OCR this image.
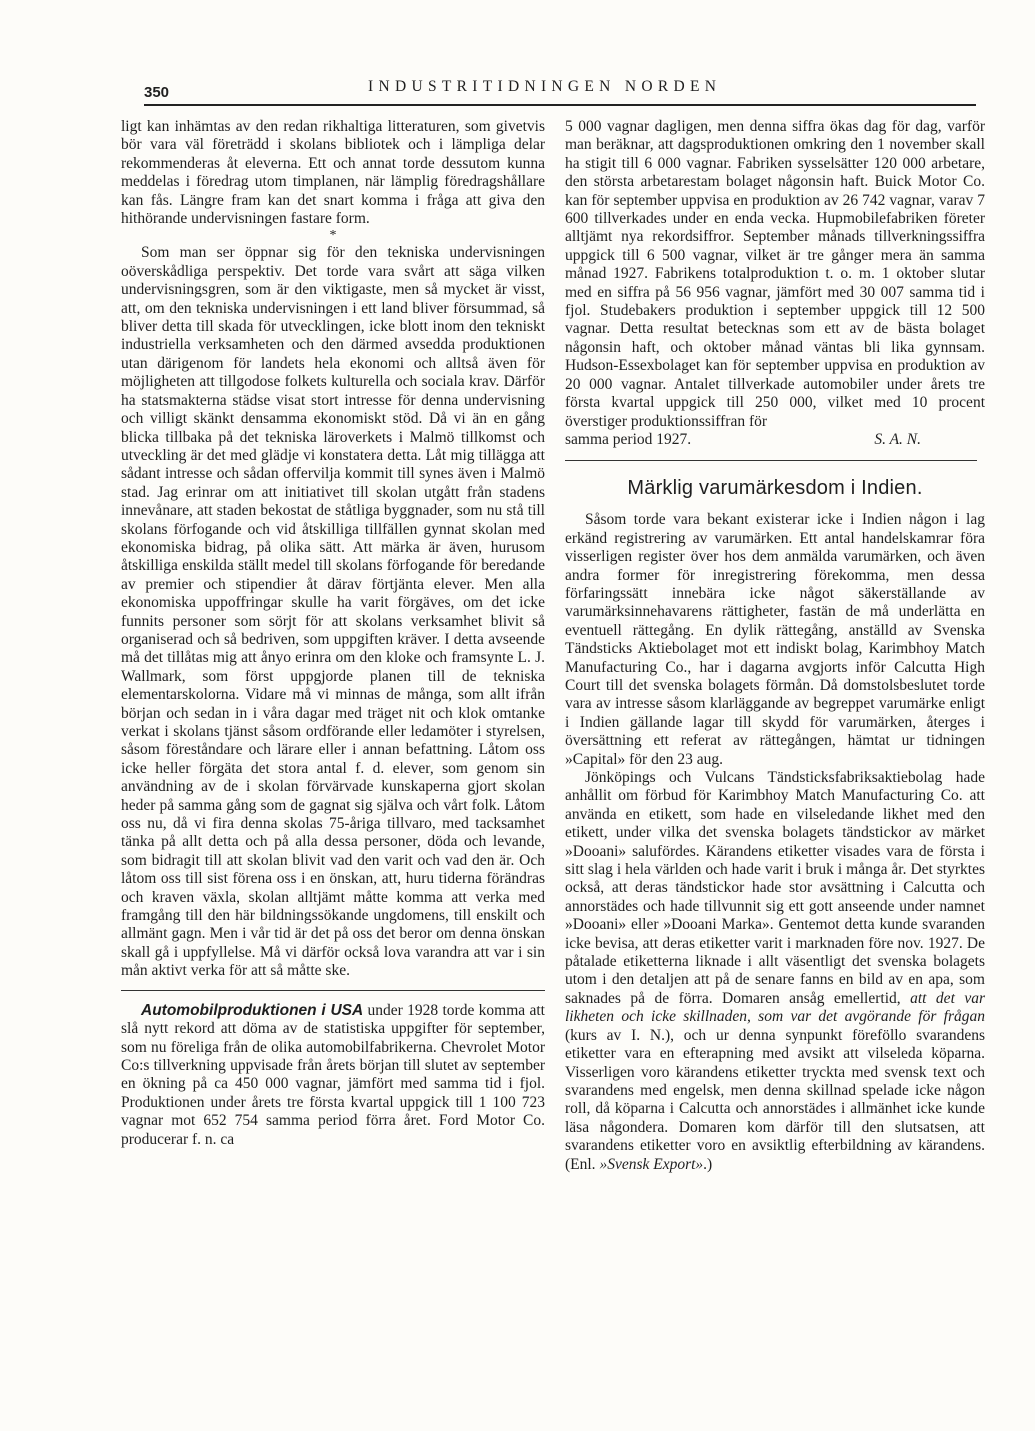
350	INDUSTRITIDNINGEN NORDEN

ligt kan inhämtas av den redan rikhaltiga litteraturen, som givetvis bör vara väl företrädd i skolans bibliotek och i lämpliga delar rekommenderas åt eleverna. Ett och annat torde dessutom kunna meddelas i föredrag utom timplanen, när lämplig föredragshållare kan fås. Längre fram kan det snart komma i fråga att giva den hithörande undervisningen fastare form.

*

Som man ser öppnar sig för den tekniska undervisningen oöverskådliga perspektiv. Det torde vara svårt att säga vilken undervisningsgren, som är den viktigaste, men så mycket är visst, att, om den tekniska undervisningen i ett land bliver försummad, så bliver detta till skada för utvecklingen, icke blott inom den tekniskt industriella verksamheten och den därmed avsedda produktionen utan därigenom för landets hela ekonomi och alltså även för möjligheten att tillgodose folkets kulturella och sociala krav. Därför ha statsmakterna städse visat stort intresse för denna undervisning och villigt skänkt densamma ekonomiskt stöd. Då vi än en gång blicka tillbaka på det tekniska läroverkets i Malmö tillkomst och utveckling är det med glädje vi konstatera detta. Låt mig tillägga att sådant intresse och sådan offervilja kommit till synes även i Malmö stad. Jag erinrar om att initiativet till skolan utgått från stadens innevånare, att staden bekostat de ståtliga byggnader, som nu stå till skolans förfogande och vid åtskilliga tillfällen gynnat skolan med ekonomiska bidrag, på olika sätt. Att märka är även, hurusom åtskilliga enskilda ställt medel till skolans förfogande för beredande av premier och stipendier åt därav förtjänta elever. Men alla ekonomiska uppoffringar skulle ha varit förgäves, om det icke funnits personer som sörjt för att skolans verksamhet blivit så organiserad och så bedriven, som uppgiften kräver. I detta avseende må det tillåtas mig att ånyo erinra om den kloke och framsynte L. J. Wallmark, som först uppgjorde planen till de tekniska elementarskolorna. Vidare må vi minnas de många, som allt ifrån början och sedan in i våra dagar med träget nit och klok omtanke verkat i skolans tjänst såsom ordförande eller ledamöter i styrelsen, såsom föreståndare och lärare eller i annan befattning. Låtom oss icke heller förgäta det stora antal f. d. elever, som genom sin användning av de i skolan förvärvade kunskaperna gjort skolan heder på samma gång som de gagnat sig själva och vårt folk. Låtom oss nu, då vi fira denna skolas 75-åriga tillvaro, med tacksamhet tänka på allt detta och på alla dessa personer, döda och levande, som bidragit till att skolan blivit vad den varit och vad den är. Och låtom oss till sist förena oss i en önskan, att, huru tiderna förändras och kraven växla, skolan alltjämt måtte komma att verka med framgång till den här bildningssökande ungdomens, till enskilt och allmänt gagn. Men i vår tid är det på oss det beror om denna önskan skall gå i uppfyllelse. Må vi därför också lova varandra att var i sin mån aktivt verka för att så måtte ske.

Automobilproduktionen i USA under 1928 torde komma att slå nytt rekord att döma av de statistiska uppgifter för september, som nu föreliga från de olika automobilfabrikerna. Chevrolet Motor Co:s tillverkning uppvisade från årets början till slutet av september en ökning på ca 450 000 vagnar, jämfört med samma tid i fjol. Produktionen under årets tre första kvartal uppgick till 1 100 723 vagnar mot 652 754 samma period förra året. Ford Motor Co. producerar f. n. ca

5 000 vagnar dagligen, men denna siffra ökas dag för dag, varför man beräknar, att dagsproduktionen omkring den 1 november skall ha stigit till 6 000 vagnar. Fabriken sysselsätter 120 000 arbetare, den största arbetarestam bolaget någonsin haft. Buick Motor Co. kan för september uppvisa en produktion av 26 742 vagnar, varav 7 600 tillverkades under en enda vecka. Hupmobilefabriken företer alltjämt nya rekordsiffror. September månads tillverkningssiffra uppgick till 6 500 vagnar, vilket är tre gånger mera än samma månad 1927. Fabrikens totalproduktion t. o. m. 1 oktober slutar med en siffra på 56 956 vagnar, jämfört med 30 007 samma tid i fjol. Studebakers produktion i september uppgick till 12 500 vagnar. Detta resultat betecknas som ett av de bästa bolaget någonsin haft, och oktober månad väntas bli lika gynnsam. Hudson-Essexbolaget kan för september uppvisa en produktion av 20 000 vagnar. Antalet tillverkade automobiler under årets tre första kvartal uppgick till 250 000, vilket med 10 procent överstiger produktionssiffran för

samma period 1927.	S. A. N.
Märklig varumärkesdom i Indien.

Såsom torde vara bekant existerar icke i Indien någon i lag erkänd registrering av varumärken. Ett antal handelskamrar föra visserligen register över hos dem anmälda varumärken, och även andra former för inregistrering förekomma, men dessa förfaringssätt innebära icke något säkerställande av varumärksinnehavarens rättigheter, fastän de må underlätta en eventuell rättegång. En dylik rättegång, anställd av Svenska Tändsticks Aktiebolaget mot ett indiskt bolag, Karimbhoy Match Manufacturing Co., har i dagarna avgjorts inför Calcutta High Court till det svenska bolagets förmån. Då domstolsbeslutet torde vara av intresse såsom klarläggande av begreppet varumärke enligt i Indien gällande lagar till skydd för varumärken, återges i översättning ett referat av rättegången, hämtat ur tidningen »Capital» för den 23 aug.

Jönköpings och Vulcans Tändsticksfabriksaktiebolag hade anhållit om förbud för Karimbhoy Match Manufacturing Co. att använda en etikett, som hade en vilseledande likhet med den etikett, under vilka det svenska bolagets tändstickor av märket »Dooani» salufördes. Kärandens etiketter visades vara de första i sitt slag i hela världen och hade varit i bruk i många år. Det styrktes också, att deras tändstickor hade stor avsättning i Calcutta och annorstädes och hade tillvunnit sig ett gott anseende under namnet »Dooani» eller »Dooani Marka». Gentemot detta kunde svaranden icke bevisa, att deras etiketter varit i marknaden före nov. 1927. De påtalade etiketterna liknade i allt väsentligt det svenska bolagets utom i den detaljen att på de senare fanns en bild av en apa, som saknades på de förra. Domaren ansåg emellertid, att det var likheten och icke skillnaden, som var det avgörande för frågan (kurs av I. N.), och ur denna synpunkt föreföllo svarandens etiketter vara en efterapning med avsikt att vilseleda köparna. Visserligen voro kärandens etiketter tryckta med svensk text och svarandens med engelsk, men denna skillnad spelade icke någon roll, då köparna i Calcutta och annorstädes i allmänhet icke kunde läsa någondera. Domaren kom därför till den slutsatsen, att svarandens etiketter voro en avsiktlig efterbildning av kärandens. (Enl. »Svensk Export».)
